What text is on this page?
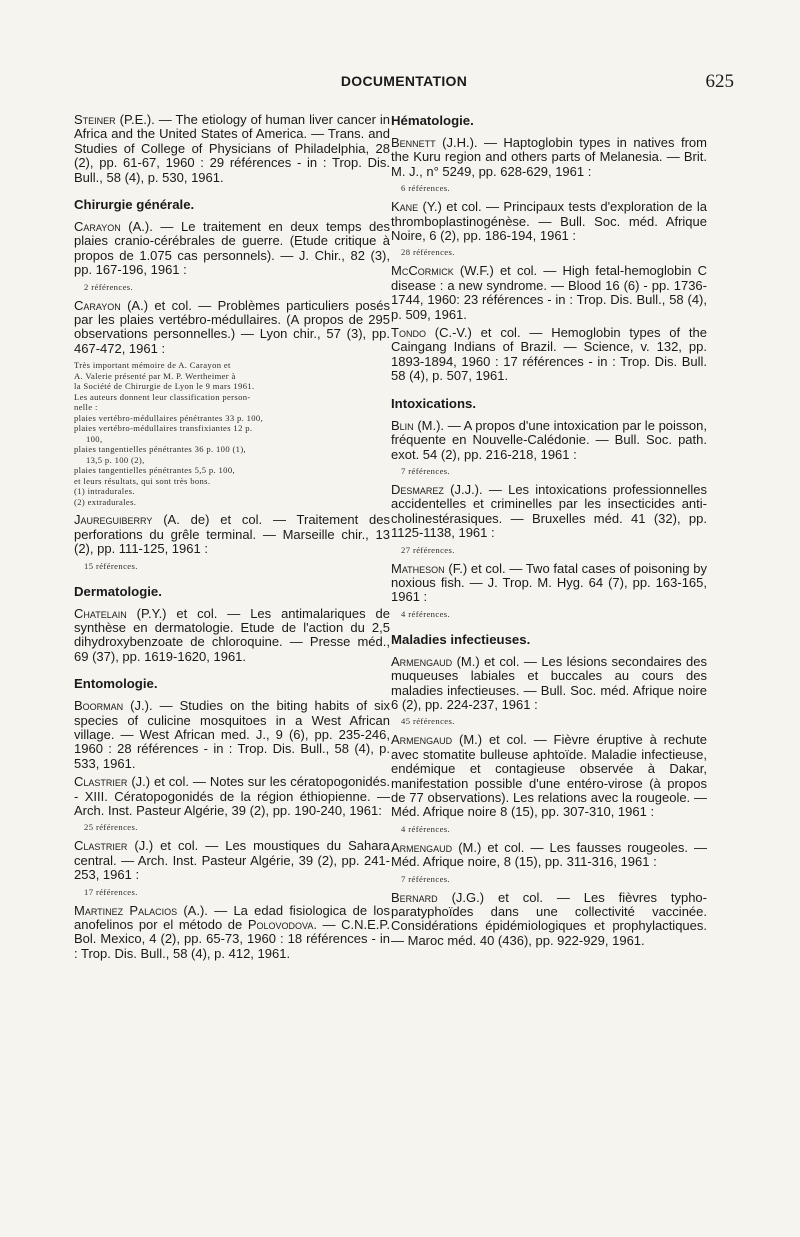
DOCUMENTATION	625

Steiner (P.E.). — The etiology of human liver cancer in Africa and the United States of America. — Trans. and Studies of College of Physicians of Philadelphia, 28 (2), pp. 61-67, 1960 : 29 références - in : Trop. Dis. Bull., 58 (4), p. 530, 1961.

Chirurgie générale.

Carayon (A.). — Le traitement en deux temps des plaies cranio-cérébrales de guerre. (Etude critique à propos de 1.075 cas personnels). — J. Chir., 82 (3), pp. 167-196, 1961 :

2 références.

Carayon (A.) et col. — Problèmes particuliers posés par les plaies vertébro-médullaires. (A propos de 295 observations personnelles.) — Lyon chir., 57 (3), pp. 467-472, 1961 :

Très important mémoire de A. Carayon et
A. Valerie présenté par M. P. Wertheimer à
la Société de Chirurgie de Lyon le 9 mars 1961.
Les auteurs donnent leur classification person-
nelle :
plaies vertébro-médullaires pénétrantes 33 p. 100,
plaies vertébro-médullaires transfixiantes 12 p.
100,
plaies tangentielles pénétrantes 36 p. 100 (1),
13,5 p. 100 (2),
plaies tangentielles pénétrantes 5,5 p. 100,
et leurs résultats, qui sont très bons.
(1) intradurales.
(2) extradurales.

Jaureguiberry (A. de) et col. — Traitement des perforations du grêle terminal. — Marseille chir., 13 (2), pp. 111-125, 1961 :

15 références.
Dermatologie.

Chatelain (P.Y.) et col. — Les antimalariques de synthèse en dermatologie. Etude de l'action du 2,5 dihydroxybenzoate de chloroquine. — Presse méd., 69 (37), pp. 1619-1620, 1961.

Entomologie.

Boorman (J.). — Studies on the biting habits of six species of culicine mosquitoes in a West African village. — West African med. J., 9 (6), pp. 235-246, 1960 : 28 références - in : Trop. Dis. Bull., 58 (4), p. 533, 1961.

Clastrier (J.) et col. — Notes sur les cératopogonidés. - XIII. Cératopogonidés de la région éthiopienne. — Arch. Inst. Pasteur Algérie, 39 (2), pp. 190-240, 1961:

25 références.

Clastrier (J.) et col. — Les moustiques du Sahara central. — Arch. Inst. Pasteur Algérie, 39 (2), pp. 241-253, 1961 :

17 références.

Martinez Palacios (A.). — La edad fisiologica de los anofelinos por el método de Polovodova. — C.N.E.P. Bol. Mexico, 4 (2), pp. 65-73, 1960 : 18 références - in : Trop. Dis. Bull., 58 (4), p. 412, 1961.

Hématologie.

Bennett (J.H.). — Haptoglobin types in natives from the Kuru region and others parts of Melanesia. — Brit. M. J., n° 5249, pp. 628-629, 1961 :

6 références.

Kane (Y.) et col. — Principaux tests d'exploration de la thromboplastinogénèse. — Bull. Soc. méd. Afrique Noire, 6 (2), pp. 186-194, 1961 :

28 références.

McCormick (W.F.) et col. — High fetal-hemoglobin C disease : a new syndrome. — Blood 16 (6) - pp. 1736-1744, 1960: 23 références - in : Trop. Dis. Bull., 58 (4), p. 509, 1961.

Tondo (C.-V.) et col. — Hemoglobin types of the Caingang Indians of Brazil. — Science, v. 132, pp. 1893-1894, 1960 : 17 références - in : Trop. Dis. Bull. 58 (4), p. 507, 1961.

Intoxications.

Blin (M.). — A propos d'une intoxication par le poisson, fréquente en Nouvelle-Calédonie. — Bull. Soc. path. exot. 54 (2), pp. 216-218, 1961 :

7 références.

Desmarez (J.J.). — Les intoxications professionnelles accidentelles et criminelles par les insecticides anti-cholinestérasiques. — Bruxelles méd. 41 (32), pp. 1125-1138, 1961 :

27 références.

Matheson (F.) et col. — Two fatal cases of poisoning by noxious fish. — J. Trop. M. Hyg. 64 (7), pp. 163-165, 1961 :

4 références.
Maladies infectieuses.

Armengaud (M.) et col. — Les lésions secondaires des muqueuses labiales et buccales au cours des maladies infectieuses. — Bull. Soc. méd. Afrique noire 6 (2), pp. 224-237, 1961 :

45 références.

Armengaud (M.) et col. — Fièvre éruptive à rechute avec stomatite bulleuse aphtoïde. Maladie infectieuse, endémique et contagieuse observée à Dakar, manifestation possible d'une entéro-virose (à propos de 77 observations). Les relations avec la rougeole. — Méd. Afrique noire 8 (15), pp. 307-310, 1961 :

4 références.

Armengaud (M.) et col. — Les fausses rougeoles. — Méd. Afrique noire, 8 (15), pp. 311-316, 1961 :

7 références.

Bernard (J.G.) et col. — Les fièvres typho-paratyphoïdes dans une collectivité vaccinée. Considérations épidémiologiques et prophylactiques. — Maroc méd. 40 (436), pp. 922-929, 1961.
